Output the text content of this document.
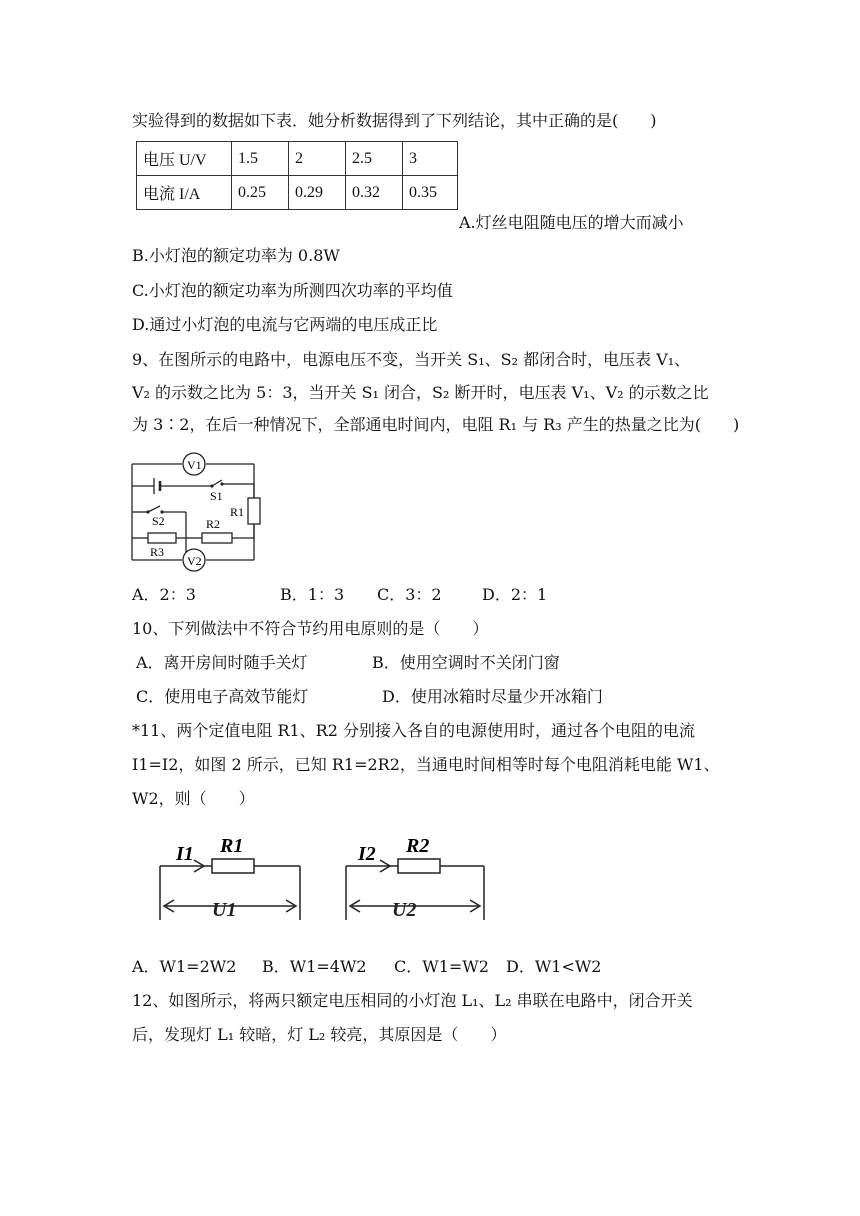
实验得到的数据如下表．她分析数据得到了下列结论，其中正确的是(　　)
电压 U/V	1.5	2	2.5	3
电流 I/A	0.25	0.29	0.32	0.35
A.灯丝电阻随电压的增大而减小
B.小灯泡的额定功率为 0.8W
C.小灯泡的额定功率为所测四次功率的平均值
D.通过小灯泡的电流与它两端的电压成正比
9、在图所示的电路中，电源电压不变，当开关 S₁、S₂ 都闭合时，电压表 V₁、
V₂ 的示数之比为 5：3，当开关 S₁ 闭合，S₂ 断开时，电压表 V₁、V₂ 的示数之比
为 3∶2，在后一种情况下，全部通电时间内，电阻 R₁ 与 R₃ 产生的热量之比为(　　)
V1
V2
S1
S2
R1
R2
R3
A．2：3	B．1：3 C．3：2	D．2：1
10、下列做法中不符合节约用电原则的是（　　）
A．离开房间时随手关灯	B．使用空调时不关闭门窗
C．使用电子高效节能灯	D．使用冰箱时尽量少开冰箱门
*11、两个定值电阻 R1、R2 分别接入各自的电源使用时，通过各个电阻的电流
I1=I2，如图 2 所示，已知 R1=2R2，当通电时间相等时每个电阻消耗电能 W1、
W2，则（　　）
I1 R1
U1
I2 R2
U2
A．W1=2W2 B．W1=4W2 C．W1=W2 D．W1<W2
12、如图所示，将两只额定电压相同的小灯泡 L₁、L₂ 串联在电路中，闭合开关
后，发现灯 L₁ 较暗，灯 L₂ 较亮，其原因是（　　）
